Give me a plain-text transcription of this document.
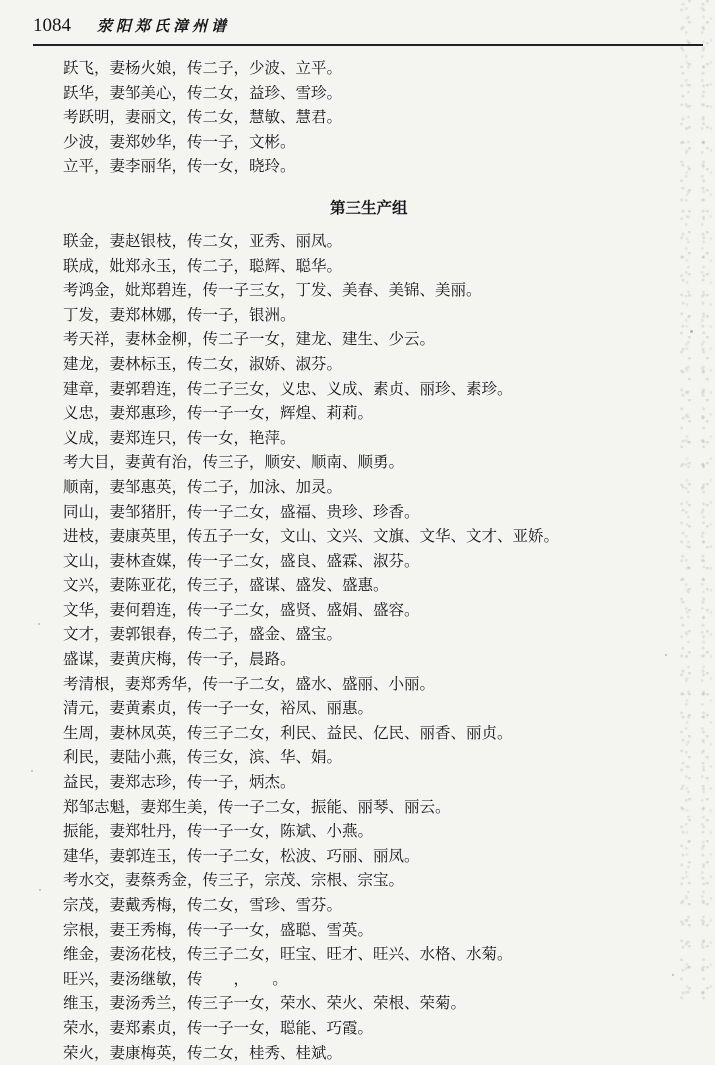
1084 荥阳郑氏漳州谱
跃飞，妻杨火娘，传二子，少波、立平。
跃华，妻邹美心，传二女，益珍、雪珍。
考跃明，妻丽文，传二女，慧敏、慧君。
少波，妻郑妙华，传一子，文彬。
立平，妻李丽华，传一女，晓玲。
第三生产组
联金，妻赵银枝，传二女，亚秀、丽凤。
联成，妣郑永玉，传二子，聪辉、聪华。
考鸿金，妣郑碧连，传一子三女，丁发、美春、美锦、美丽。
丁发，妻郑林娜，传一子，银洲。
考天祥，妻林金柳，传二子一女，建龙、建生、少云。
建龙，妻林标玉，传二女，淑娇、淑芬。
建章，妻郭碧连，传二子三女，义忠、义成、素贞、丽珍、素珍。
义忠，妻郑惠珍，传一子一女，辉煌、莉莉。
义成，妻郑连只，传一女，艳萍。
考大目，妻黄有治，传三子，顺安、顺南、顺勇。
顺南，妻邹惠英，传二子，加泳、加灵。
同山，妻邹猪肝，传一子二女，盛福、贵珍、珍香。
进枝，妻康英里，传五子一女，文山、文兴、文旗、文华、文才、亚娇。
文山，妻林查媒，传一子二女，盛良、盛霖、淑芬。
文兴，妻陈亚花，传三子，盛谋、盛发、盛惠。
文华，妻何碧连，传一子二女，盛贤、盛娟、盛容。
文才，妻郭银春，传二子，盛金、盛宝。
盛谋，妻黄庆梅，传一子，晨路。
考清根，妻郑秀华，传一子二女，盛水、盛丽、小丽。
清元，妻黄素贞，传一子一女，裕凤、丽惠。
生周，妻林凤英，传三子二女，利民、益民、亿民、丽香、丽贞。
利民，妻陆小燕，传三女，滨、华、娟。
益民，妻郑志珍，传一子，炳杰。
郑邹志魁，妻郑生美，传一子二女，振能、丽琴、丽云。
振能，妻郑牡丹，传一子一女，陈斌、小燕。
建华，妻郭连玉，传一子二女，松波、巧丽、丽凤。
考水交，妻蔡秀金，传三子，宗茂、宗根、宗宝。
宗茂，妻戴秀梅，传二女，雪珍、雪芬。
宗根，妻王秀梅，传一子一女，盛聪、雪英。
维金，妻汤花枝，传三子二女，旺宝、旺才、旺兴、水格、水菊。
旺兴，妻汤继敏，传　　，　　。
维玉，妻汤秀兰，传三子一女，荣水、荣火、荣根、荣菊。
荣水，妻郑素贞，传一子一女，聪能、巧霞。
荣火，妻康梅英，传二女，桂秀、桂斌。
